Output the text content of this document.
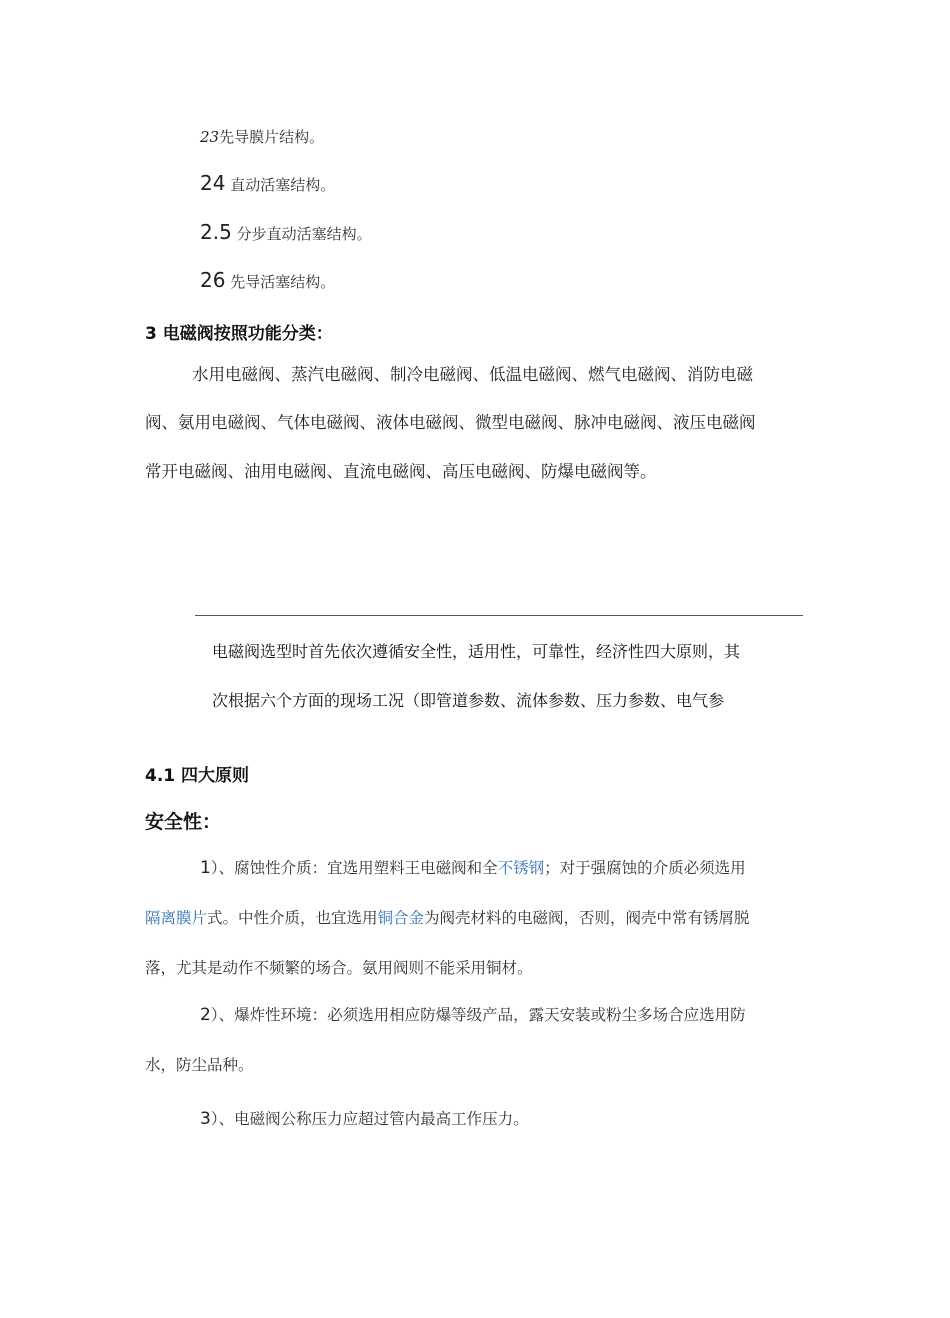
23先导膜片结构。
24 直动活塞结构。
2.5 分步直动活塞结构。
26 先导活塞结构。
3 电磁阀按照功能分类：
水用电磁阀、蒸汽电磁阀、制冷电磁阀、低温电磁阀、燃气电磁阀、消防电磁
阀、氨用电磁阀、气体电磁阀、液体电磁阀、微型电磁阀、脉冲电磁阀、液压电磁阀
常开电磁阀、油用电磁阀、直流电磁阀、高压电磁阀、防爆电磁阀等。
电磁阀选型时首先依次遵循安全性，适用性，可靠性，经济性四大原则，其
次根据六个方面的现场工况（即管道参数、流体参数、压力参数、电气参
4.1 四大原则
安全性：
1）、腐蚀性介质：宜选用塑料王电磁阀和全不锈钢；对于强腐蚀的介质必须选用
隔离膜片式。中性介质，也宜选用铜合金为阀壳材料的电磁阀，否则，阀壳中常有锈屑脱
落，尤其是动作不频繁的场合。氨用阀则不能采用铜材。
2）、爆炸性环境：必须选用相应防爆等级产品，露天安装或粉尘多场合应选用防
水，防尘品种。
3）、电磁阀公称压力应超过管内最高工作压力。
